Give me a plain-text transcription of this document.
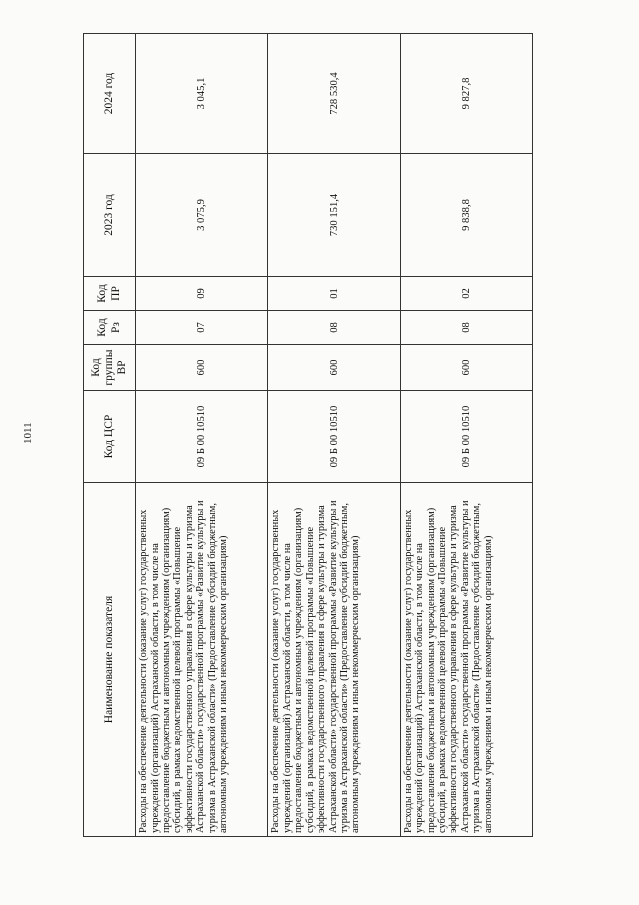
1011
Наименование показателя	Код ЦСР	Код группы ВР	Код Рз	Код ПР	2023 год	2024 год
Расходы на обеспечение деятельности (оказание услуг) государственных учреждений (организаций) Астраханской области, в том числе на предоставление бюджетным и автономным учреждениям (организациям) субсидий, в рамках ведомственной целевой программы «Повышение эффективности государственного управления в сфере культуры и туризма Астраханской области» государственной программы «Развитие культуры и туризма в Астраханской области» (Предоставление субсидий бюджетным, автономным учреждениям и иным некоммерческим организациям)	09 Б 00 10510	600	07	09	3 075,9	3 045,1
Расходы на обеспечение деятельности (оказание услуг) государственных учреждений (организаций) Астраханской области, в том числе на предоставление бюджетным и автономным учреждениям (организациям) субсидий, в рамках ведомственной целевой программы «Повышение эффективности государственного управления в сфере культуры и туризма Астраханской области» государственной программы «Развитие культуры и туризма в Астраханской области» (Предоставление субсидий бюджетным, автономным учреждениям и иным некоммерческим организациям)	09 Б 00 10510	600	08	01	730 151,4	728 530,4
Расходы на обеспечение деятельности (оказание услуг) государственных учреждений (организаций) Астраханской области, в том числе на предоставление бюджетным и автономным учреждениям (организациям) субсидий, в рамках ведомственной целевой программы «Повышение эффективности государственного управления в сфере культуры и туризма Астраханской области» государственной программы «Развитие культуры и туризма в Астраханской области» (Предоставление субсидий бюджетным, автономным учреждениям и иным некоммерческим организациям)	09 Б 00 10510	600	08	02	9 838,8	9 827,8
